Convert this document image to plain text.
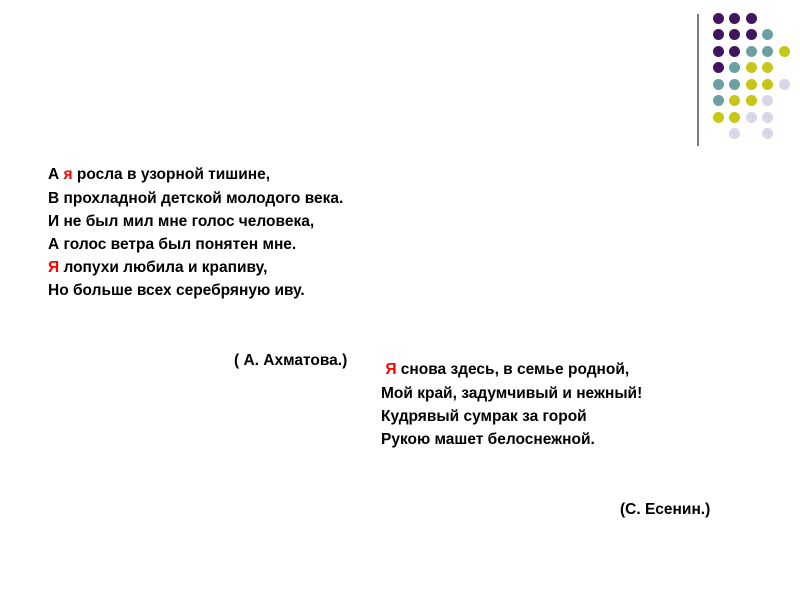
А я росла в узорной тишине,
В прохладной детской молодого века.
И не был мил мне голос человека,
А голос ветра был понятен мне.
Я лопухи любила и крапиву,
Но больше всех серебряную иву.

( А. Ахматова.)

Я снова здесь, в семье родной,
Мой край, задумчивый и нежный!
Кудрявый сумрак за горой
Рукою машет белоснежной.

(С. Есенин.)
